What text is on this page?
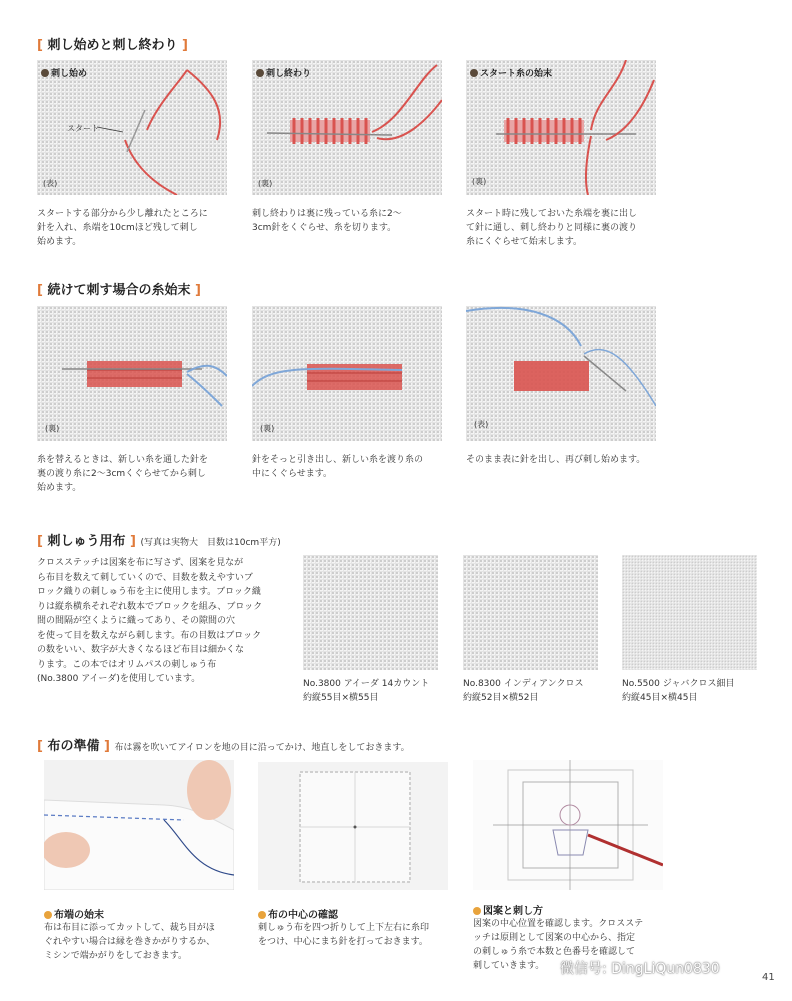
[ 刺し始めと刺し終わり ]
刺し始め
スタート
(表)
スタートする部分から少し離れたところに
針を入れ、糸端を10cmほど残して刺し
始めます。
刺し終わり
(裏)
刺し終わりは裏に残っている糸に2〜
3cm針をくぐらせ、糸を切ります。
スタート糸の始末
(裏)
スタート時に残しておいた糸端を裏に出し
て針に通し、刺し終わりと同様に裏の渡り
糸にくぐらせて始末します。
[ 続けて刺す場合の糸始末 ]
(裏)
糸を替えるときは、新しい糸を通した針を
裏の渡り糸に2〜3cmくぐらせてから刺し
始めます。
(裏)
針をそっと引き出し、新しい糸を渡り糸の
中にくぐらせます。
(表)
そのまま表に針を出し、再び刺し始めます。
[ 刺しゅう用布 ] (写真は実物大　目数は10cm平方)
クロスステッチは図案を布に写さず、図案を見なが
ら布目を数えて刺していくので、目数を数えやすいブ
ロック織りの刺しゅう布を主に使用します。ブロック織
りは縦糸横糸それぞれ数本でブロックを組み、ブロック
間の間隔が空くように織ってあり、その隙間の穴
を使って目を数えながら刺します。布の目数はブロック
の数をいい、数字が大きくなるほど布目は細かくな
ります。この本ではオリムパスの刺しゅう布
(No.3800 アイーダ)を使用しています。	No.3800 アイーダ 14カウント
約縦55目×横55目
No.8300 インディアンクロス
約縦52目×横52目
No.5500 ジャバクロス細目
約縦45目×横45目
[ 布の準備 ] 布は霧を吹いてアイロンを地の目に沿ってかけ、地直しをしておきます。
布端の始末
布は布目に添ってカットして、裁ち目がほ
ぐれやすい場合は縁を巻きかがりするか、
ミシンで端かがりをしておきます。
布の中心の確認
刺しゅう布を四つ折りして上下左右に糸印
をつけ、中心にまち針を打っておきます。
図案と刺し方
図案の中心位置を確認します。クロスステ
ッチは原則として図案の中心から、指定
の刺しゅう糸で本数と色番号を確認して
刺していきます。	微信号: DingLiQun0830
41
